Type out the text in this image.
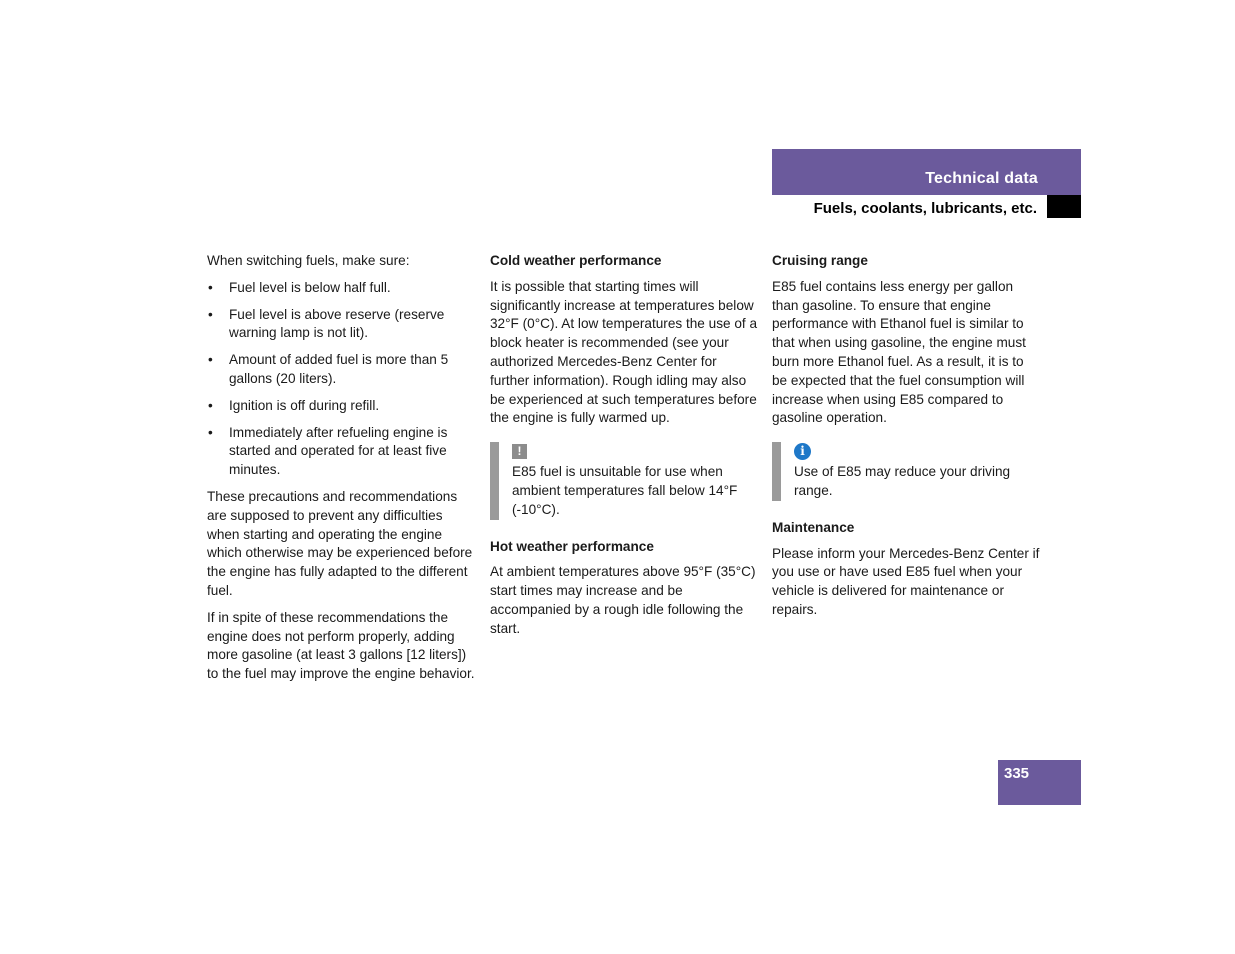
Technical data
Fuels, coolants, lubricants, etc.

When switching fuels, make sure:

• Fuel level is below half full.
• Fuel level is above reserve (reserve warning lamp is not lit).
• Amount of added fuel is more than 5 gallons (20 liters).
• Ignition is off during refill.
• Immediately after refueling engine is started and operated for at least five minutes.

These precautions and recommendations are supposed to prevent any difficulties when starting and operating the engine which otherwise may be experienced before the engine has fully adapted to the different fuel.

If in spite of these recommendations the engine does not perform properly, adding more gasoline (at least 3 gallons [12 liters]) to the fuel may improve the engine behavior.

Cold weather performance

It is possible that starting times will significantly increase at temperatures below 32°F (0°C). At low temperatures the use of a block heater is recommended (see your authorized Mercedes-Benz Center for further information). Rough idling may also be experienced at such temperatures before the engine is fully warmed up.

!
E85 fuel is unsuitable for use when ambient temperatures fall below 14°F (-10°C).
Hot weather performance

At ambient temperatures above 95°F (35°C) start times may increase and be accompanied by a rough idle following the start.

Cruising range

E85 fuel contains less energy per gallon than gasoline. To ensure that engine performance with Ethanol fuel is similar to that when using gasoline, the engine must burn more Ethanol fuel. As a result, it is to be expected that the fuel consumption will increase when using E85 compared to gasoline operation.

i
Use of E85 may reduce your driving range.
Maintenance

Please inform your Mercedes-Benz Center if you use or have used E85 fuel when your vehicle is delivered for maintenance or repairs.

335
